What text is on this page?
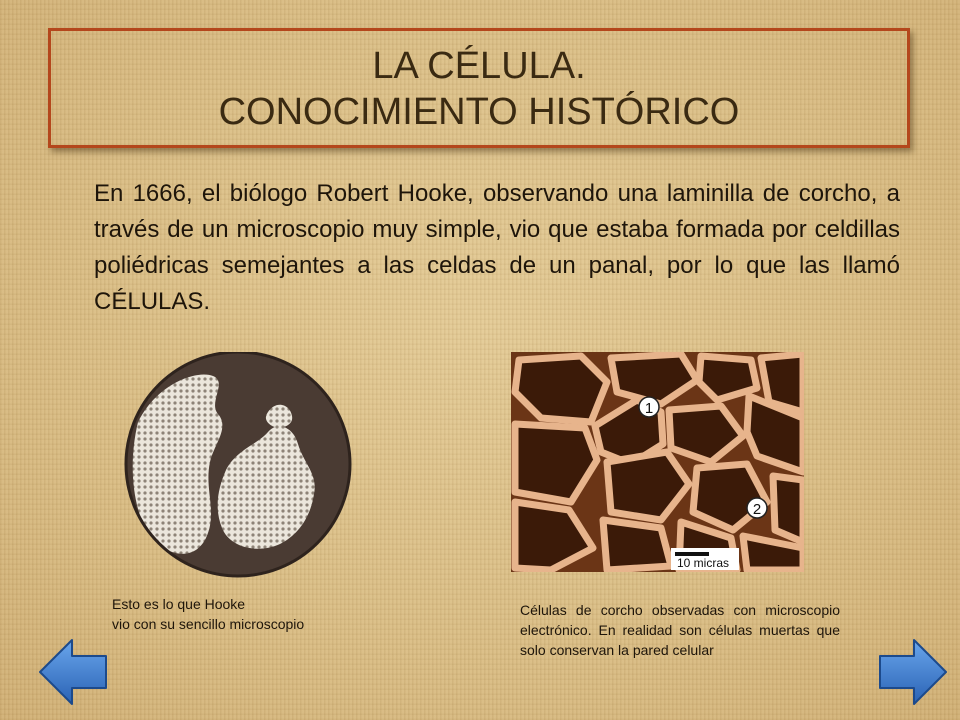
LA CÉLULA.
CONOCIMIENTO HISTÓRICO
En 1666, el biólogo Robert Hooke, observando una laminilla de corcho, a través de un microscopio muy simple, vio que estaba formada por celdillas poliédricas semejantes a las celdas de un panal, por lo que las llamó CÉLULAS.
1
2
10 micras
Esto es lo que Hooke
vio con su sencillo microscopio
Células de corcho observadas con microscopio electrónico. En realidad son células muertas que solo conservan la pared celular
